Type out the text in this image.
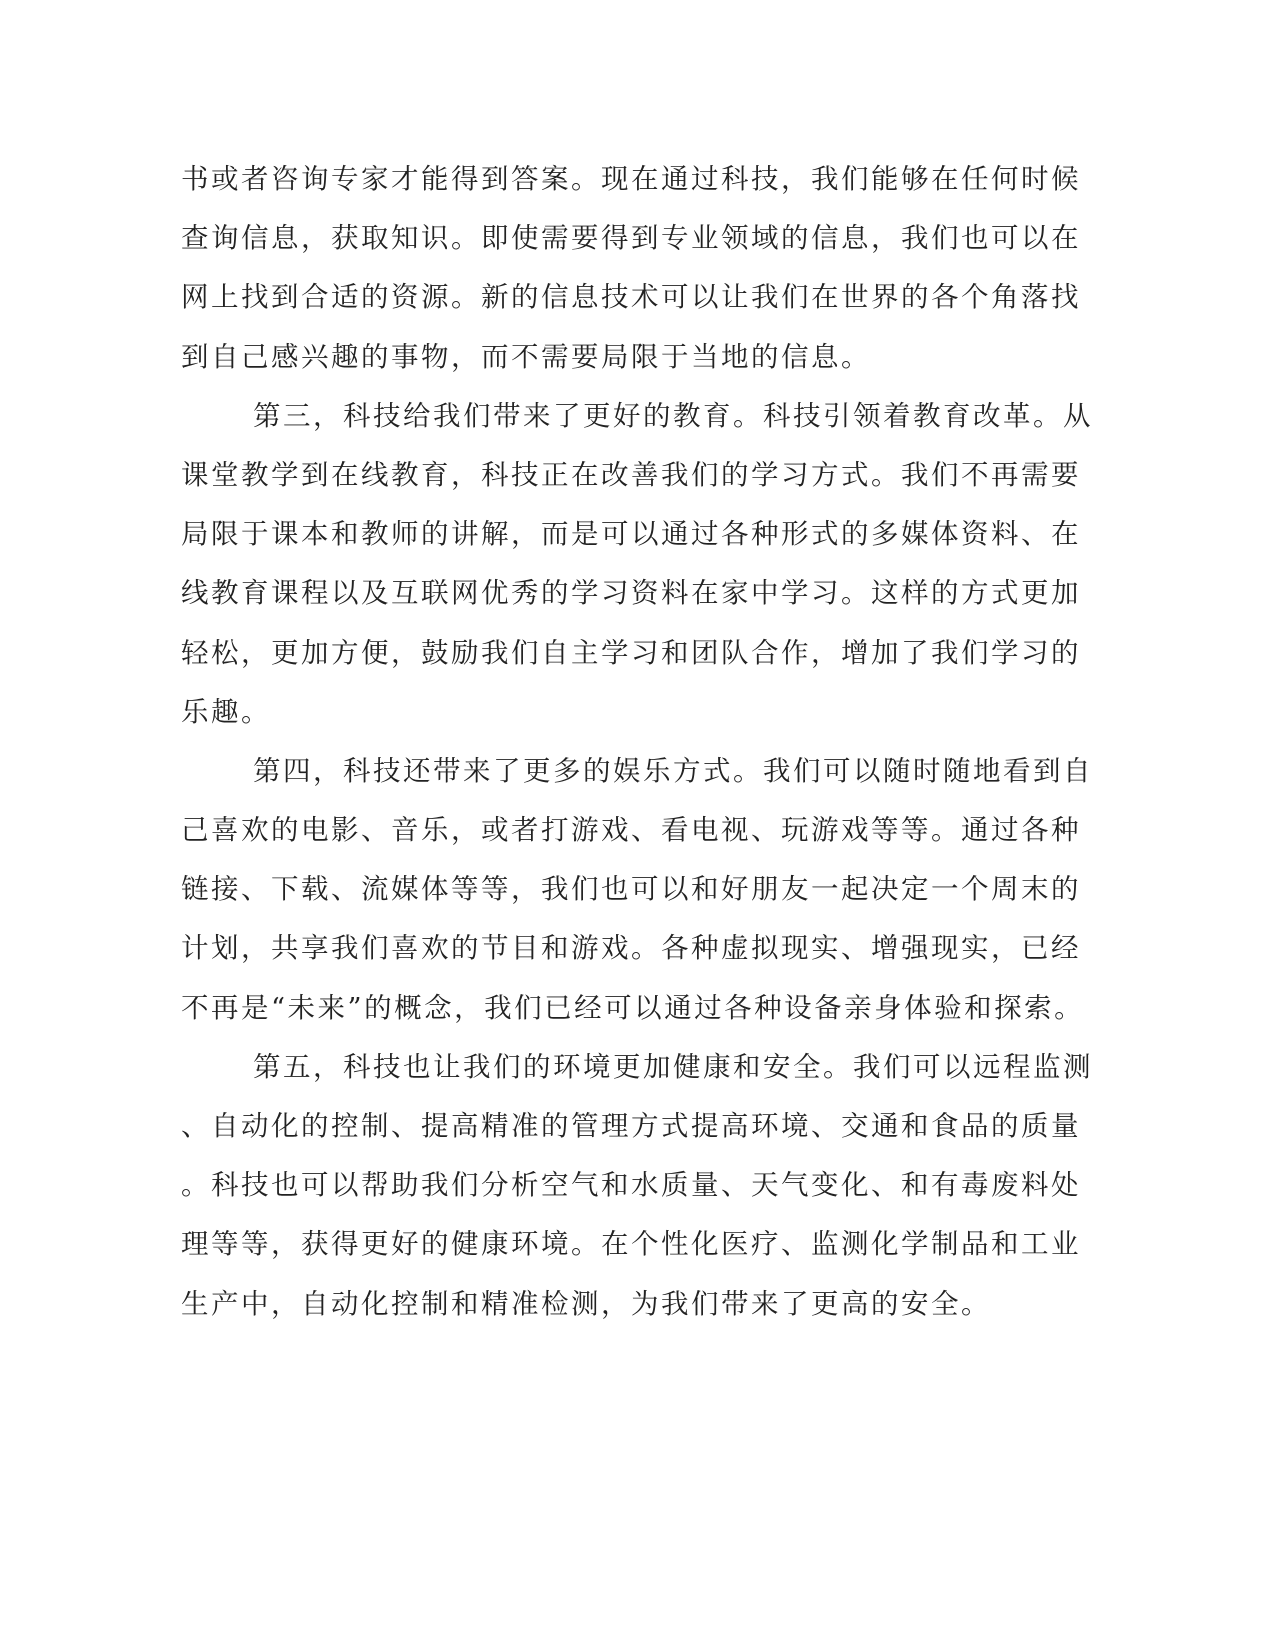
书或者咨询专家才能得到答案。现在通过科技，我们能够在任何时候
查询信息，获取知识。即使需要得到专业领域的信息，我们也可以在
网上找到合适的资源。新的信息技术可以让我们在世界的各个角落找
到自己感兴趣的事物，而不需要局限于当地的信息。
第三，科技给我们带来了更好的教育。科技引领着教育改革。从
课堂教学到在线教育，科技正在改善我们的学习方式。我们不再需要
局限于课本和教师的讲解，而是可以通过各种形式的多媒体资料、在
线教育课程以及互联网优秀的学习资料在家中学习。这样的方式更加
轻松，更加方便，鼓励我们自主学习和团队合作，增加了我们学习的
乐趣。
第四，科技还带来了更多的娱乐方式。我们可以随时随地看到自
己喜欢的电影、音乐，或者打游戏、看电视、玩游戏等等。通过各种
链接、下载、流媒体等等，我们也可以和好朋友一起决定一个周末的
计划，共享我们喜欢的节目和游戏。各种虚拟现实、增强现实，已经
不再是“未来”的概念，我们已经可以通过各种设备亲身体验和探索。
第五，科技也让我们的环境更加健康和安全。我们可以远程监测
、自动化的控制、提高精准的管理方式提高环境、交通和食品的质量
。科技也可以帮助我们分析空气和水质量、天气变化、和有毒废料处
理等等，获得更好的健康环境。在个性化医疗、监测化学制品和工业
生产中，自动化控制和精准检测，为我们带来了更高的安全。
